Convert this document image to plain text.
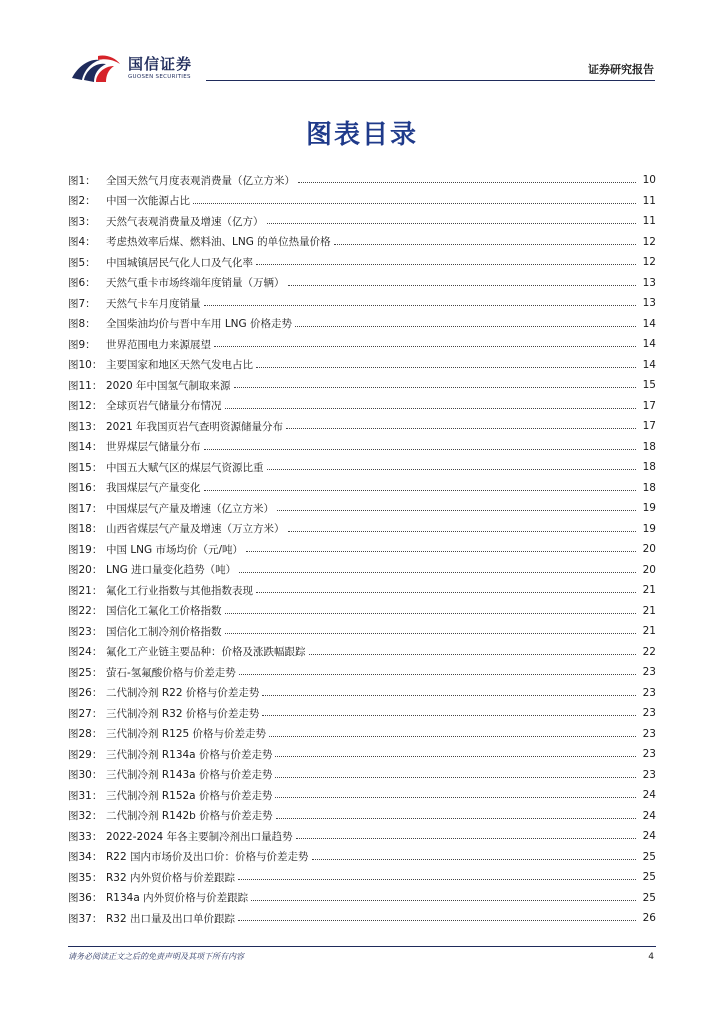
国信证券
GUOSEN SECURITIES
证券研究报告
图表目录
图1： 全国天然气月度表观消费量（亿立方米）	10
图2： 中国一次能源占比	11
图3： 天然气表观消费量及增速（亿方）	11
图4： 考虑热效率后煤、燃料油、LNG 的单位热量价格	12
图5： 中国城镇居民气化人口及气化率	12
图6： 天然气重卡市场终端年度销量（万辆）	13
图7： 天然气卡车月度销量	13
图8： 全国柴油均价与晋中车用 LNG 价格走势	14
图9： 世界范围电力来源展望	14
图10： 主要国家和地区天然气发电占比	14
图11： 2020 年中国氢气制取来源	15
图12： 全球页岩气储量分布情况	17
图13： 2021 年我国页岩气查明资源储量分布	17
图14： 世界煤层气储量分布	18
图15： 中国五大赋气区的煤层气资源比重	18
图16： 我国煤层气产量变化	18
图17： 中国煤层气产量及增速（亿立方米）	19
图18： 山西省煤层气产量及增速（万立方米）	19
图19： 中国 LNG 市场均价（元/吨）	20
图20： LNG 进口量变化趋势（吨）	20
图21： 氟化工行业指数与其他指数表现	21
图22： 国信化工氟化工价格指数	21
图23： 国信化工制冷剂价格指数	21
图24： 氟化工产业链主要品种：价格及涨跌幅跟踪	22
图25： 萤石-氢氟酸价格与价差走势	23
图26： 二代制冷剂 R22 价格与价差走势	23
图27： 三代制冷剂 R32 价格与价差走势	23
图28： 三代制冷剂 R125 价格与价差走势	23
图29： 三代制冷剂 R134a 价格与价差走势	23
图30： 三代制冷剂 R143a 价格与价差走势	23
图31： 三代制冷剂 R152a 价格与价差走势	24
图32： 二代制冷剂 R142b 价格与价差走势	24
图33： 2022-2024 年各主要制冷剂出口量趋势	24
图34： R22 国内市场价及出口价：价格与价差走势	25
图35： R32 内外贸价格与价差跟踪	25
图36： R134a 内外贸价格与价差跟踪	25
图37： R32 出口量及出口单价跟踪	26
请务必阅读正文之后的免责声明及其项下所有内容	4
